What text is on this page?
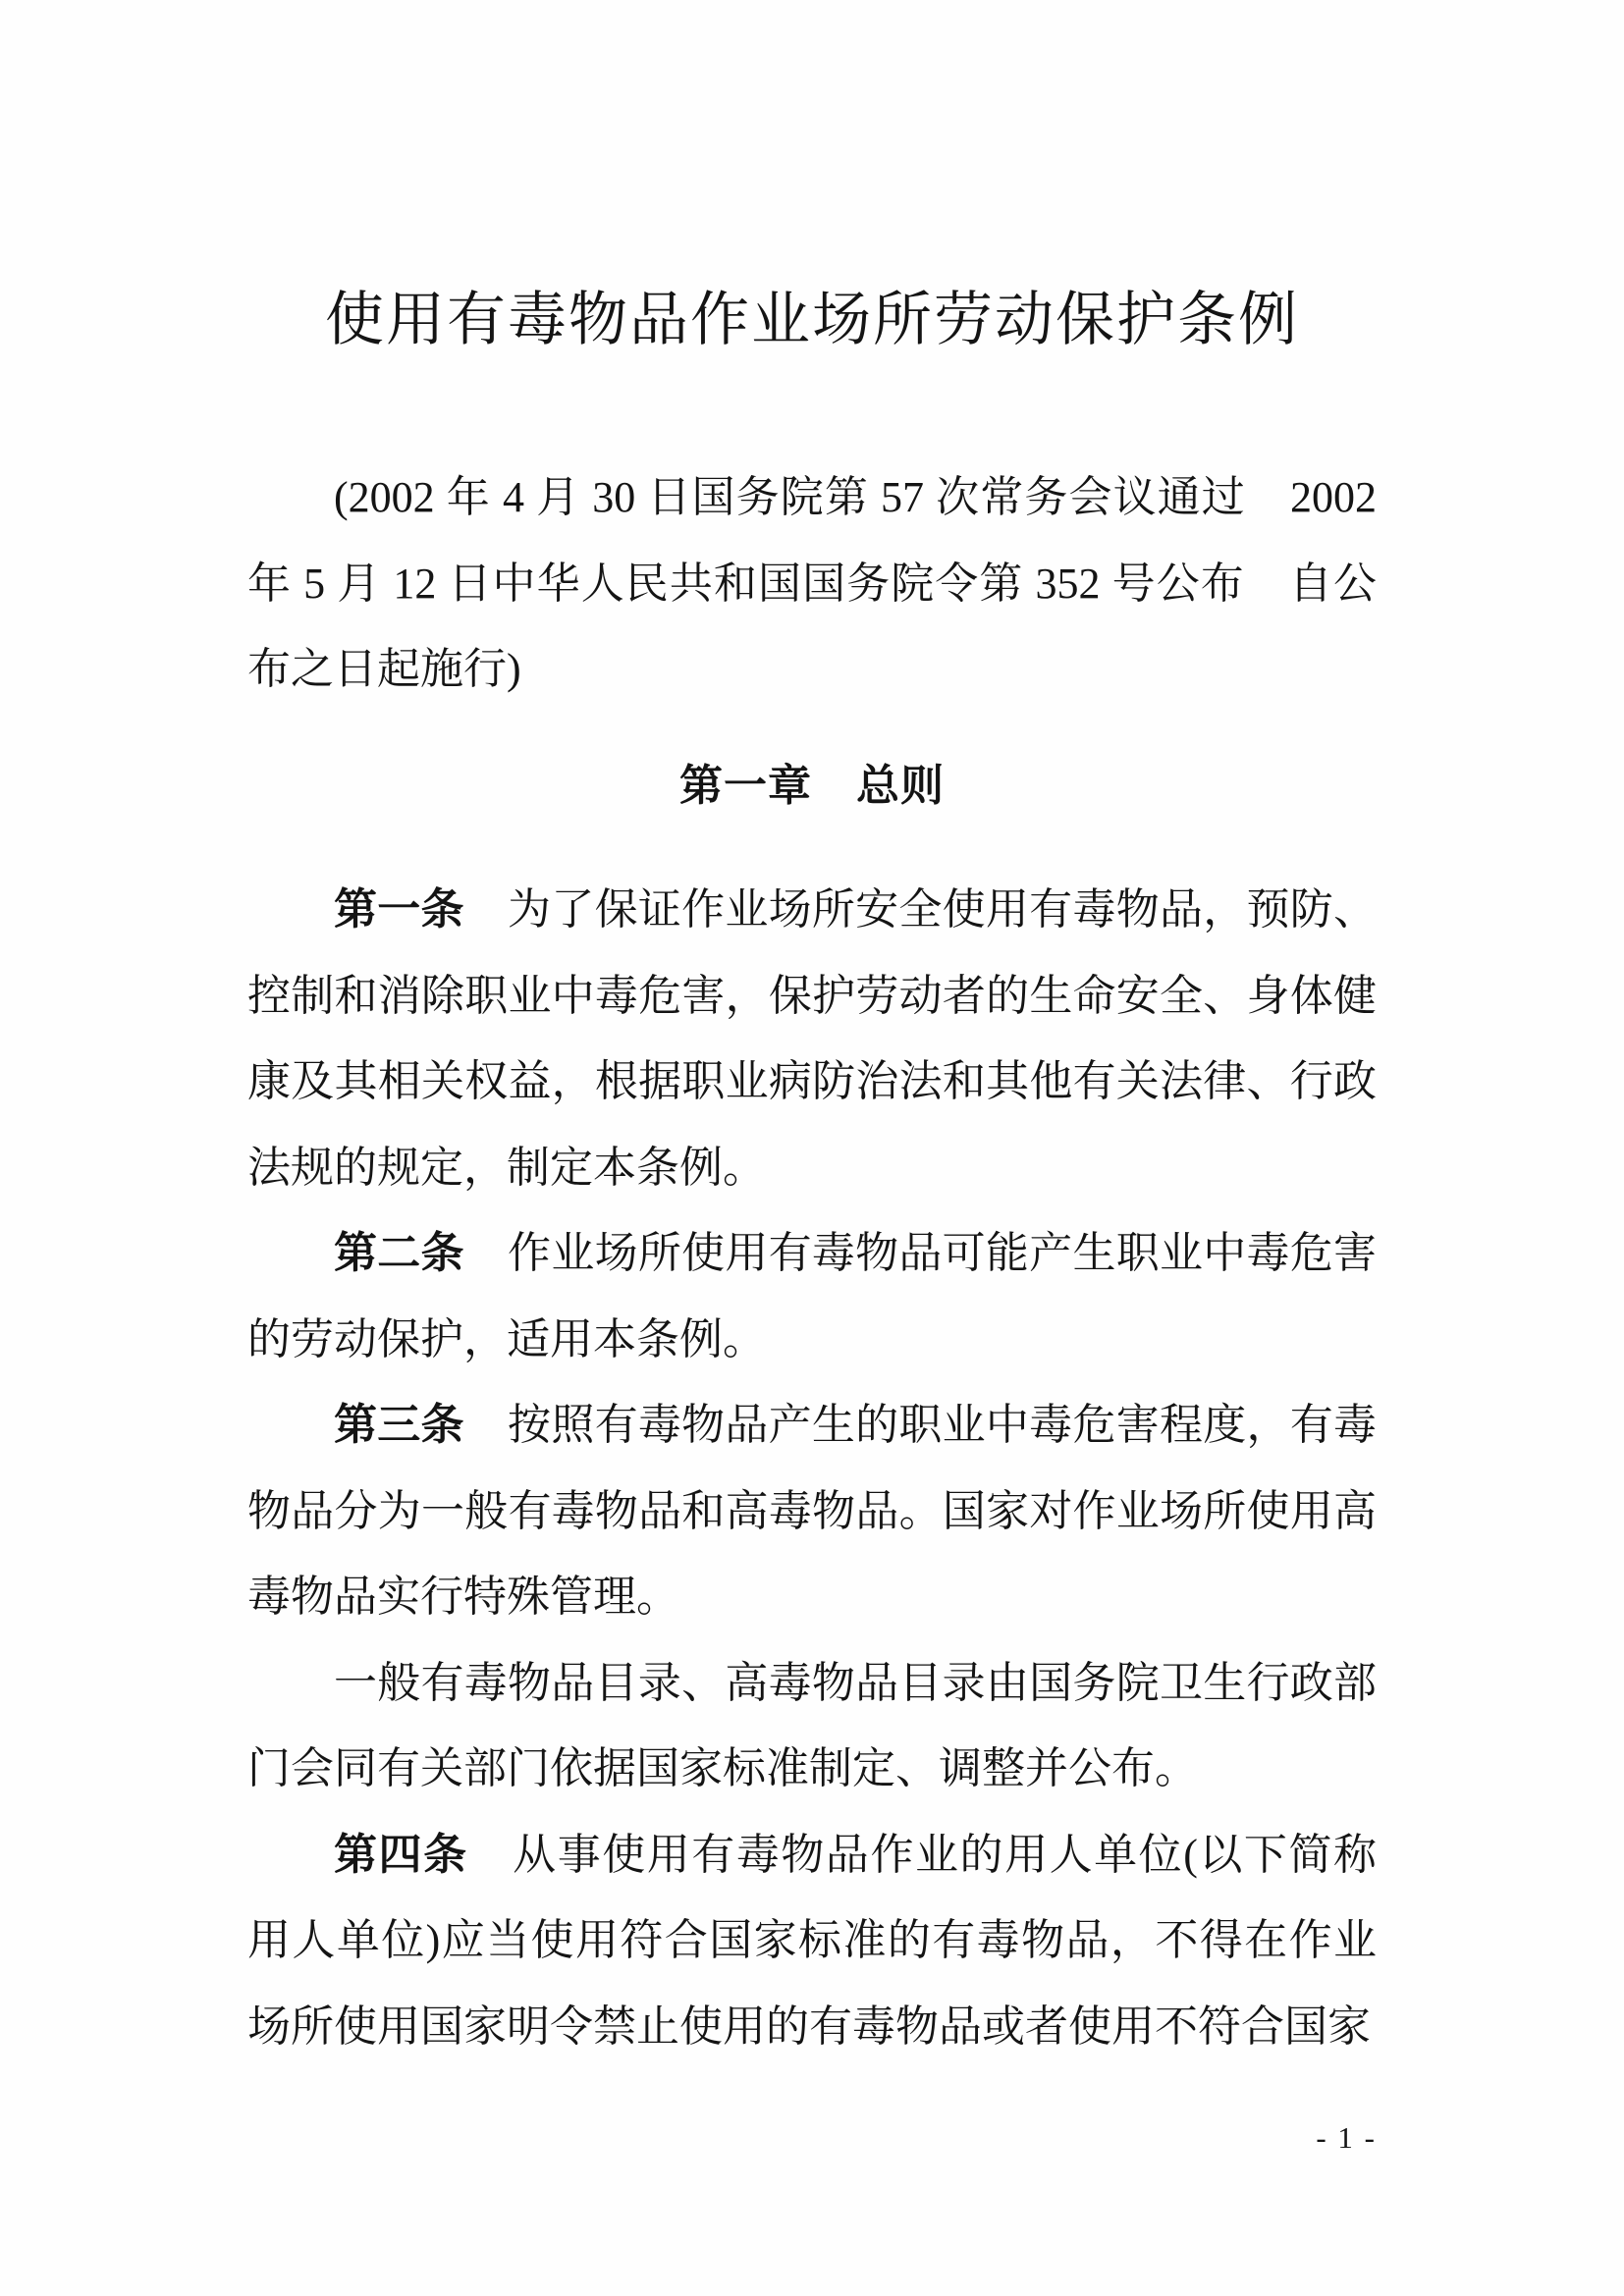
使用有毒物品作业场所劳动保护条例
(2002 年 4 月 30 日国务院第 57 次常务会议通过　2002 年 5 月 12 日中华人民共和国国务院令第 352 号公布　自公布之日起施行)
第一章　总则

第一条　为了保证作业场所安全使用有毒物品，预防、控制和消除职业中毒危害，保护劳动者的生命安全、身体健康及其相关权益，根据职业病防治法和其他有关法律、行政法规的规定，制定本条例。

第二条　作业场所使用有毒物品可能产生职业中毒危害的劳动保护，适用本条例。

第三条　按照有毒物品产生的职业中毒危害程度，有毒物品分为一般有毒物品和高毒物品。国家对作业场所使用高毒物品实行特殊管理。

一般有毒物品目录、高毒物品目录由国务院卫生行政部门会同有关部门依据国家标准制定、调整并公布。

第四条　从事使用有毒物品作业的用人单位(以下简称用人单位)应当使用符合国家标准的有毒物品，不得在作业场所使用国家明令禁止使用的有毒物品或者使用不符合国家

- 1 -
